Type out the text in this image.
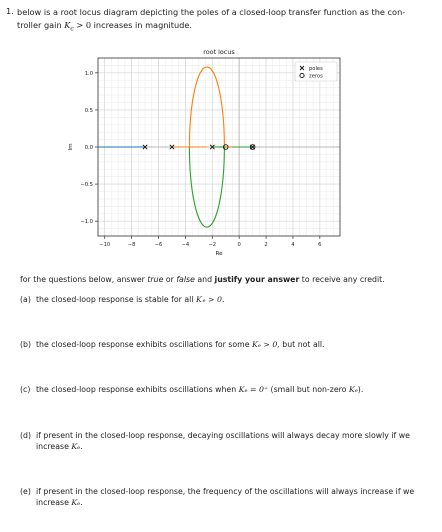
1. below is a root locus diagram depicting the poles of a closed-loop transfer function as the con-
troller gain $K_c > 0$ increases in magnitude.
−10	−8	−6	−4	−2	0	2	4	6
−1.0
−0.5
0.0
0.5
1.0
root locus
Re
Im
poles
zeros
for the questions below, answer true or false and justify your answer to receive any credit.
(a) the closed-loop response is stable for all K ₑ > 0.
(b) the closed-loop response exhibits oscillations for some Kₑ > 0, but not all.
(c) the closed-loop response exhibits oscillations when Kₑ = 0⁺ (small but non-zero Kₑ).
(d) if present in the closed-loop response, decaying oscillations will always decay more slowly if we increase Kₑ.
(e) if present in the closed-loop response, the frequency of the oscillations will always increase if we increase Kₑ.
